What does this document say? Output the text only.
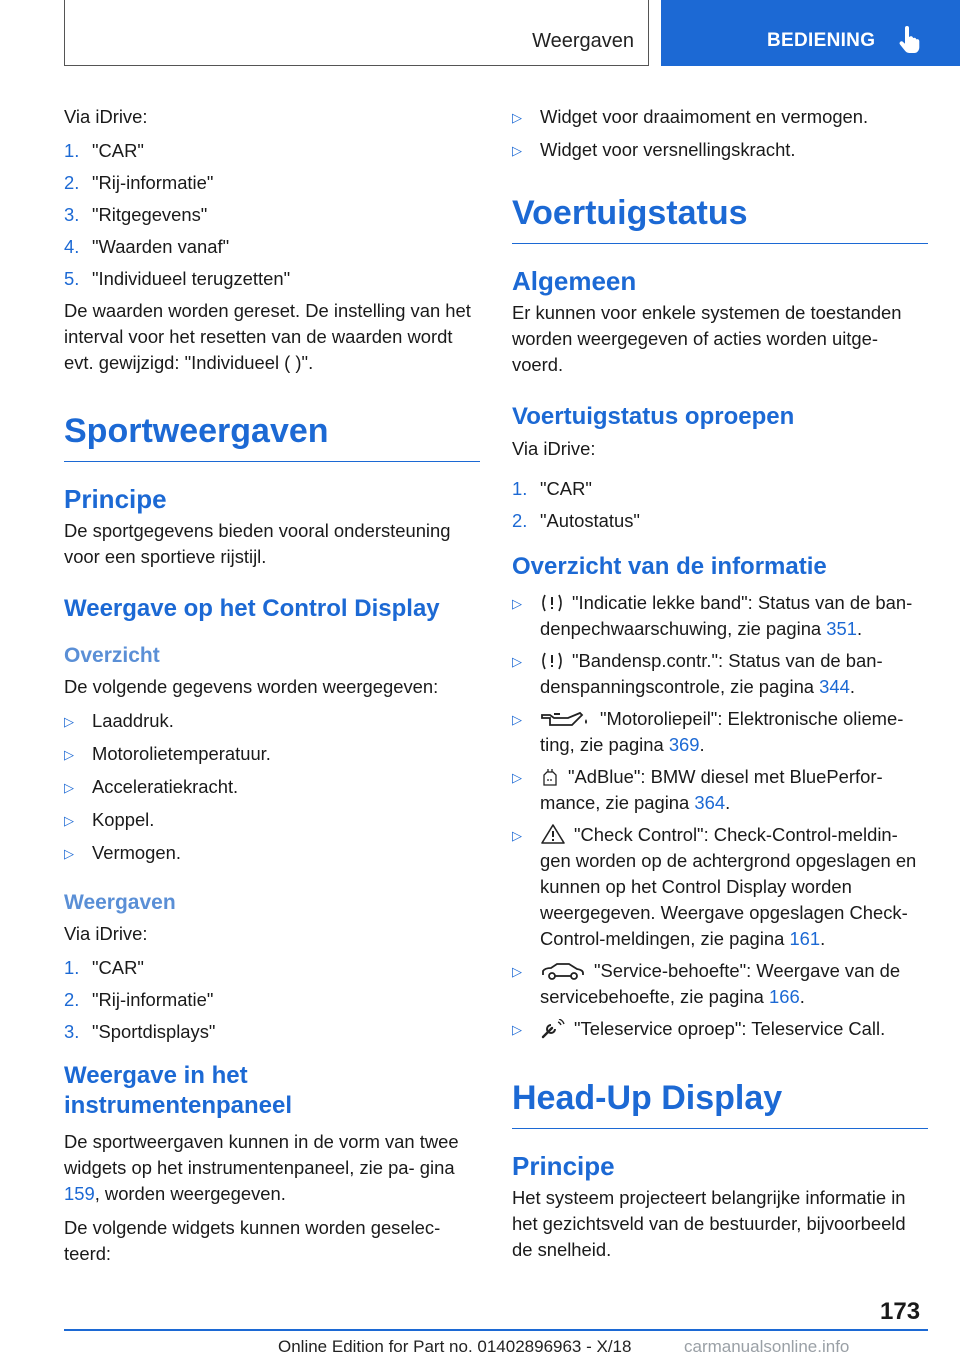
Weergaven	BEDIENING

Via iDrive:

1. "CAR"
2. "Rij-informatie"
3. "Ritgegevens"
4. "Waarden vanaf"
5. "Individueel terugzetten"

De waarden worden gereset. De instelling van het interval voor het resetten van de waarden wordt evt. gewijzigd: "Individueel ( )".

Sportweergaven
Principe

De sportgegevens bieden vooral ondersteuning voor een sportieve rijstijl.

Weergave op het Control Display
Overzicht

De volgende gegevens worden weergegeven:

▷ Laaddruk.
▷ Motorolietemperatuur.
▷ Acceleratiekracht.
▷ Koppel.
▷ Vermogen.
Weergaven

Via iDrive:

1. "CAR"
2. "Rij-informatie"
3. "Sportdisplays"
Weergave in het instrumentenpaneel

De sportweergaven kunnen in de vorm van twee widgets op het instrumentenpaneel, zie pa‐ gina 159, worden weergegeven.

De volgende widgets kunnen worden geselec‐ teerd:

▷ Widget voor draaimoment en vermogen.
▷ Widget voor versnellingskracht.
Voertuigstatus
Algemeen

Er kunnen voor enkele systemen de toestanden worden weergegeven of acties worden uitge‐ voerd.

Voertuigstatus oproepen

Via iDrive:

1. "CAR"
2. "Autostatus"
Overzicht van de informatie
▷	"Indicatie lekke band": Status van de ban‐ denpechwaarschuwing, zie pagina 351.
▷	"Bandensp.contr.": Status van de ban‐ denspanningscontrole, zie pagina 344.
▷	"Motoroliepeil": Elektronische olieme‐ ting, zie pagina 369.
▷	"AdBlue": BMW diesel met BluePerfor‐ mance, zie pagina 364.
▷	"Check Control": Check-Control-meldin‐ gen worden op de achtergrond opgeslagen en kunnen op het Control Display worden weergegeven. Weergave opgeslagen Check- Control-meldingen, zie pagina 161.
▷	"Service-behoefte": Weergave van de servicebehoefte, zie pagina 166.
▷	"Teleservice oproep": Teleservice Call.
Head-Up Display
Principe

Het systeem projecteert belangrijke informatie in het gezichtsveld van de bestuurder, bijvoorbeeld de snelheid.

173
Online Edition for Part no. 01402896963 - X/18	carmanualsonline.info
